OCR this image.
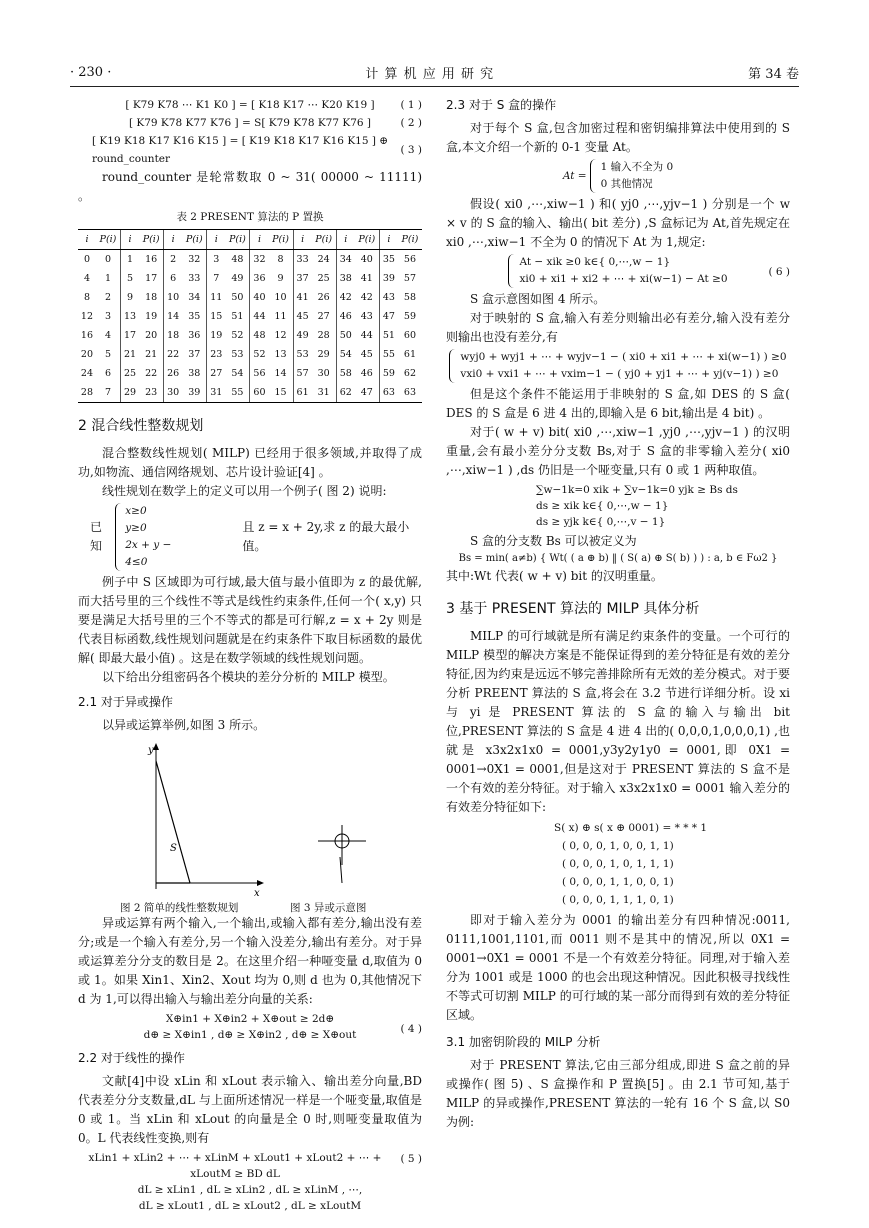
· 230 ·	计 算 机 应 用 研 究	第 34 卷
[ K79 K78 ⋯ K1 K0 ] = [ K18 K17 ⋯ K20 K19 ] ( 1 )
[ K79 K78 K77 K76 ] = S[ K79 K78 K77 K76 ]	( 2 )
[ K19 K18 K17 K16 K15 ] = [ K19 K18 K17 K16 K15 ] ⊕ round_counter
( 3 )

round_counter 是轮常数取 0 ~ 31( 00000 ~ 11111) 。

表 2 PRESENT 算法的 P 置换
i	P(i)	i	P(i)	i	P(i)	i	P(i)	i	P(i)	i	P(i)	i	P(i)	i	P(i)
0	0	1	16	2	32	3	48	32	8	33	24	34	40	35	56
4	1	5	17	6	33	7	49	36	9	37	25	38	41	39	57
8	2	9	18	10	34	11	50	40	10	41	26	42	42	43	58
12	3	13	19	14	35	15	51	44	11	45	27	46	43	47	59
16	4	17	20	18	36	19	52	48	12	49	28	50	44	51	60
20	5	21	21	22	37	23	53	52	13	53	29	54	45	55	61
24	6	25	22	26	38	27	54	56	14	57	30	58	46	59	62
28	7	29	23	30	39	31	55	60	15	61	31	62	47	63	63
2 混合线性整数规划

混合整数线性规划( MILP) 已经用于很多领域,并取得了成功,如物流、通信网络规划、芯片设计验证[4] 。

线性规划在数学上的定义可以用一个例子( 图 2) 说明:

已知
x≥0
y≥0
2x + y − 4≤0
且 z = x + 2y,求 z 的最大最小值。

例子中 S 区域即为可行域,最大值与最小值即为 z 的最优解,而大括号里的三个线性不等式是线性约束条件,任何一个( x,y) 只要是满足大括号里的三个不等式的都是可行解,z = x + 2y 则是代表目标函数,线性规划问题就是在约束条件下取目标函数的最优解( 即最大最小值) 。这是在数学领域的线性规划问题。

以下给出分组密码各个模块的差分分析的 MILP 模型。

2.1 对于异或操作

以异或运算举例,如图 3 所示。

S
y
x
图 2 简单的线性整数规划	图 3 异或示意图

异或运算有两个输入,一个输出,或输入都有差分,输出没有差分;或是一个输入有差分,另一个输入没差分,输出有差分。对于异或运算差分分支的数目是 2。在这里介绍一种哑变量 d,取值为 0 或 1。如果 Xin1、Xin2、Xout 均为 0,则 d 也为 0,其他情况下 d 为 1,可以得出输入与输出差分向量的关系:

X⊕in1 + X⊕in2 + X⊕out ≥ 2d⊕
d⊕ ≥ X⊕in1 , d⊕ ≥ X⊕in2 , d⊕ ≥ X⊕out	( 4 )
2.2 对于线性的操作

文献[4]中设 xLin 和 xLout 表示输入、输出差分向量,BD 代表差分分支数量,dL 与上面所述情况一样是一个哑变量,取值是 0 或 1。当 xLin 和 xLout 的向量是全 0 时,则哑变量取值为 0。L 代表线性变换,则有

xLin1 + xLin2 + ⋯ + xLinM + xLout1 + xLout2 + ⋯ + xLoutM ≥ BD dL
dL ≥ xLin1 , dL ≥ xLin2 , dL ≥ xLinM , ⋯,
dL ≥ xLout1 , dL ≥ xLout2 , dL ≥ xLoutM
( 5 )
2.3 对于 S 盒的操作

对于每个 S 盒,包含加密过程和密钥编排算法中使用到的 S 盒,本文介绍一个新的 0-1 变量 At。

At =
1 输入不全为 0
0 其他情况

假设( xi0 ,⋯,xiw−1 ) 和( yj0 ,⋯,yjv−1 ) 分别是一个 w × v 的 S 盒的输入、输出( bit 差分) ,S 盒标记为 At,首先规定在 xi0 ,⋯,xiw−1 不全为 0 的情况下 At 为 1,规定:

At − xik ≥0 k∈{ 0,⋯,w − 1}
xi0 + xi1 + xi2 + ⋯ + xi(w−1) − At ≥0
( 6 )

S 盒示意图如图 4 所示。

对于映射的 S 盒,输入有差分则输出必有差分,输入没有差分则输出也没有差分,有

wyj0 + wyj1 + ⋯ + wyjv−1 − ( xi0 + xi1 + ⋯ + xi(w−1) ) ≥0
vxi0 + vxi1 + ⋯ + vxim−1 − ( yj0 + yj1 + ⋯ + yj(v−1) ) ≥0

但是这个条件不能运用于非映射的 S 盒,如 DES 的 S 盒( DES 的 S 盒是 6 进 4 出的,即输入是 6 bit,输出是 4 bit) 。

对于( w + v) bit( xi0 ,⋯,xiw−1 ,yj0 ,⋯,yjv−1 ) 的汉明重量,会有最小差分分支数 Bs,对于 S 盒的非零输入差分( xi0 ,⋯,xiw−1 ) ,ds 仍旧是一个哑变量,只有 0 或 1 两种取值。

∑w−1k=0 xik + ∑v−1k=0 yjk ≥ Bs ds
ds ≥ xik k∈{ 0,⋯,w − 1}
ds ≥ yjk k∈{ 0,⋯,v − 1}

S 盒的分支数 Bs 可以被定义为

Bs = min( a≠b) { Wt( ( a ⊕ b) ‖ ( S( a) ⊕ S( b) ) ) : a, b ∈ Fω2 }

其中:Wt 代表( w + v) bit 的汉明重量。

3 基于 PRESENT 算法的 MILP 具体分析

MILP 的可行域就是所有满足约束条件的变量。一个可行的 MILP 模型的解决方案是不能保证得到的差分特征是有效的差分特征,因为约束是远远不够完善排除所有无效的差分模式。对于要分析 PREENT 算法的 S 盒,将会在 3.2 节进行详细分析。设 xi 与 yi 是 PRESENT 算法的 S 盒的输入与输出 bit 位,PRESENT 算法的 S 盒是 4 进 4 出的( 0,0,0,1,0,0,0,1) ,也就是 x3x2x1x0 = 0001,y3y2y1y0 = 0001,即 0X1 = 0001→0X1 = 0001,但是这对于 PRESENT 算法的 S 盒不是一个有效的差分特征。对于输入 x3x2x1x0 = 0001 输入差分的有效差分特征如下:

S( x) ⊕ s( x ⊕ 0001) = * * * 1
( 0, 0, 0, 1, 0, 0, 1, 1)
( 0, 0, 0, 1, 0, 1, 1, 1)
( 0, 0, 0, 1, 1, 0, 0, 1)
( 0, 0, 0, 1, 1, 1, 0, 1)

即对于输入差分为 0001 的输出差分有四种情况:0011, 0111,1001,1101,而 0011 则不是其中的情况,所以 0X1 = 0001→0X1 = 0001 不是一个有效差分特征。同理,对于输入差分为 1001 或是 1000 的也会出现这种情况。因此积极寻找线性不等式可切割 MILP 的可行域的某一部分而得到有效的差分特征区域。

3.1 加密钥阶段的 MILP 分析

对于 PRESENT 算法,它由三部分组成,即进 S 盒之前的异或操作( 图 5) 、S 盒操作和 P 置换[5] 。由 2.1 节可知,基于 MILP 的异或操作,PRESENT 算法的一轮有 16 个 S 盒,以 S0 为例:
